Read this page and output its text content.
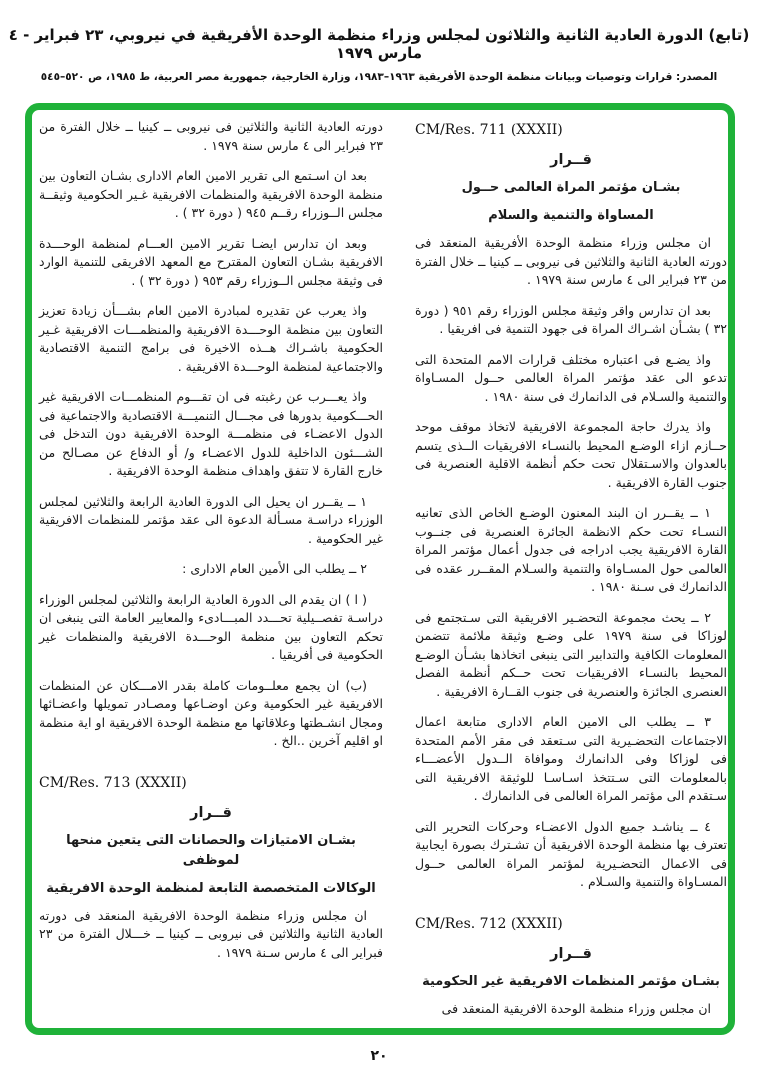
(تابع) الدورة العادية الثانية والثلاثون لمجلس وزراء منظمة الوحدة الأفريقية في نيروبي، ٢٣ فبراير - ٤ مارس ١٩٧٩
المصدر: قرارات وتوصيات وبيانات منظمة الوحدة الأفريقية ١٩٦٣–١٩٨٣، وزارة الخارجية، جمهورية مصر العربية، ط ١٩٨٥، ص ٥٢٠–٥٤٥
CM/Res. 711 (XXXII)
قــرار
بشـان مؤتمر المراة العالمى حــول
المساواة والتنمية والسلام
ان مجلس وزراء منظمة الوحدة الأفريقية المنعقد فى دورته العادية الثانية والثلاثين فى نيروبى ــ كينيا ــ خلال الفترة من ٢٣ فبراير الى ٤ مارس سنة ١٩٧٩ .
بعد ان تدارس واقر وثيقة مجلس الوزراء رقم ٩٥١ ( دورة ٣٢ ) بشـأن اشـراك المراة فى جهود التنمية فى افريقيا .
واذ يضـع فى اعتباره مختلف قرارات الامم المتحدة التى تدعو الى عقد مؤتمر المراة العالمى حــول المسـاواة والتنمية والسـلام فى الدانمارك فى سنة ١٩٨٠ .
واذ يدرك حاجة المجموعة الافريقية لاتخاذ موقف موحد حــازم ازاء الوضـع المحيط بالنسـاء الافريقيات الــذى يتسم بالعدوان والاسـتقلال تحت حكم أنظمة الاقلية العنصرية فى جنوب القارة الافريقية .
١ ــ يقــرر ان البند المعنون الوضـع الخاص الذى تعانيه النسـاء تحت حكم الانظمة الجائرة العنصرية فى جنــوب القارة الافريقية يجب ادراجه فى جدول أعمال مؤتمر المراة العالمى حول المسـاواة والتنمية والسـلام المقــرر عقده فى الدانمارك فى سـنة ١٩٨٠ .
٢ ــ يحث مجموعة التحضـير الافريقية التى سـتجتمع فى لوزاكا فى سنة ١٩٧٩ على وضـع وثيقة ملائمة تتضمن المعلومات الكافية والتدابير التى ينبغى اتخاذها بشـأن الوضـع المحيط بالنسـاء الافريقيات تحت حــكم أنظمة الفصل العنصرى الجائزة والعنصرية فى جنوب القــارة الافريقية .
٣ ــ يطلب الى الامين العام الادارى متابعة اعمال الاجتماعات التحضـيرية التى سـتعقد فى مقر الأمم المتحدة فى لوزاكا وفى الدانمارك وموافاة الــدول الأعضـــاء بالمعلومات التى سـتتخذ اسـاسـا للوثيقة الافريقية التى سـتقدم الى مؤتمر المراة العالمى فى الدانمارك .
٤ ــ يناشـد جميع الدول الاعضـاء وحركات التحرير التى تعترف بها منظمة الوحدة الافريقية أن تشـترك بصورة ايجابية فى الاعمال التحضـيرية لمؤتمر المراة العالمى حــول المسـاواة والتنمية والسـلام .
CM/Res. 712 (XXXII)
قــرار
بشـان مؤتمر المنظمات الافريقية غير الحكومية
ان مجلس وزراء منظمة الوحدة الافريقية المنعقد فى
دورته العادية الثانية والثلاثين فى نيروبى ــ كينيا ــ خلال الفترة من ٢٣ فبراير الى ٤ مارس سنة ١٩٧٩ .
بعد ان اسـتمع الى تقرير الامين العام الادارى بشـان التعاون بين منظمة الوحدة الافريقية والمنظمات الافريقية غـير الحكومية وثيقــة مجلس الــوزراء رقــم ٩٤٥ ( دورة ٣٢ ) .
وبعد ان تدارس ايضـا تقرير الامين العـــام لمنظمة الوحـــدة الافريقية بشـان التعاون المقترح مع المعهد الافريقى للتنمية الوارد فى وثيقة مجلس الــوزراء رقم ٩٥٣ ( دورة ٣٢ ) .
واذ يعرب عن تقديره لمبادرة الامين العام بشـــأن زيادة تعزيز التعاون بين منظمة الوحـــدة الافريقية والمنظمـــات الافريقية غـير الحكومية باشـراك هــذه الاخيرة فى برامج التنمية الاقتصادية والاجتماعية لمنظمة الوحـــدة الافريقية .
واذ يعـــرب عن رغبته فى ان تقـــوم المنظمـــات الافريقية غير الحـــكومية بدورها فى مجـــال التنميـــة الاقتصادية والاجتماعية فى الدول الاعضـاء فى منظمـــة الوحدة الافريقية دون التدخل فى الشـــئون الداخلية للدول الاعضـاء و/ أو الدفاع عن مصـالح من خارج القارة لا تتفق واهداف منظمة الوحدة الافريقية .
١ ــ يقــرر ان يحيل الى الدورة العادية الرابعة والثلاثين لمجلس الوزراء دراسـة مسـألة الدعوة الى عقد مؤتمر للمنظمات الافريقية غير الحكومية .
٢ ــ يطلب الى الأمين العام الادارى :
( ا ) ان يقدم الى الدورة العادية الرابعة والثلاثين لمجلس الوزراء دراسـة تفصــيلية تحـــدد المبـــادىء والمعايير العامة التى ينبغى ان تحكم التعاون بين منظمة الوحـــدة الافريقية والمنظمات غير الحكومية فى أفريقيا .
(ب) ان يجمع معلــومات كاملة بقدر الامـــكان عن المنظمات الافريقية غير الحكومية وعن اوضـاعها ومصـادر تمويلها واعضـائها ومجال انشـطتها وعلاقاتها مع منظمة الوحدة الافريقية او اية منظمة او اقليم آخرين ..الخ .
CM/Res. 713 (XXXII)
قــرار
بشـان الامتيازات والحصانات التى يتعين منحها لموظفى
الوكالات المتخصصة التابعة لمنظمة الوحدة الافريقية
ان مجلس وزراء منظمة الوحدة الافريقية المنعقد فى دورته العادية الثانية والثلاثين فى نيروبى ــ كينيا ــ خـــلال الفترة من ٢٣ فبراير الى ٤ مارس سـنة ١٩٧٩ .
٢٠
